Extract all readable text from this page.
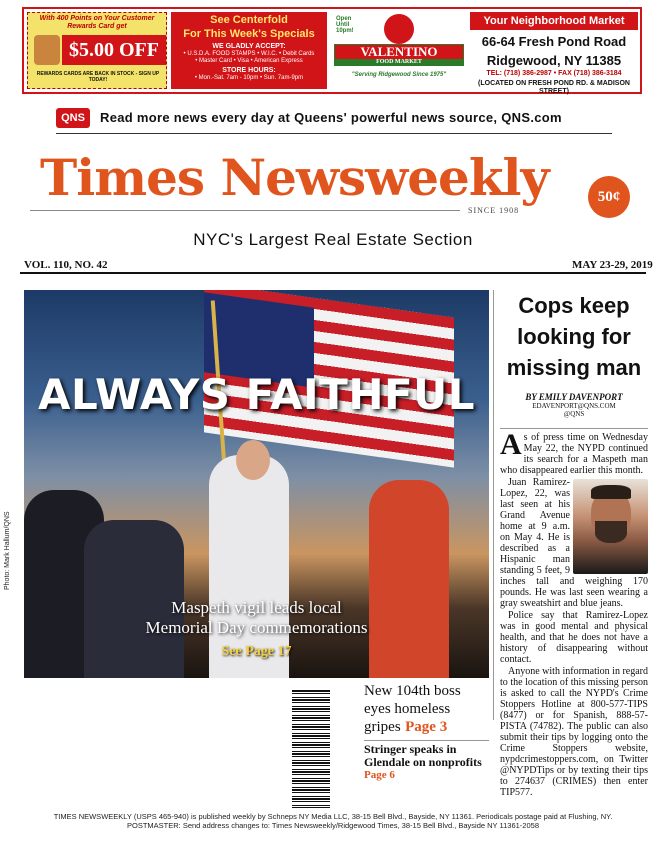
With 400 Points on Your Customer Rewards Card get
$5.00 OFF
REWARDS CARDS ARE BACK IN STOCK - SIGN UP TODAY!
See Centerfold
For This Week's Specials
WE GLADLY ACCEPT:
• U.S.D.A. FOOD STAMPS • W.I.C. • Debit Cards
• Master Card • Visa • American Express
STORE HOURS:
• Mon.-Sat. 7am - 10pm • Sun. 7am-9pm
Open Until 10pm!
VALENTINO
FOOD MARKET
"Serving Ridgewood Since 1975"
Your Neighborhood Market
66-64 Fresh Pond Road
Ridgewood, NY 11385
TEL: (718) 386-2987 • FAX (718) 386-3184
(LOCATED ON FRESH POND RD. & MADISON STREET)
QNS	Read more news every day at Queens' powerful news source, QNS.com
Times Newsweekly
SINCE 1908
50¢
NYC's Largest Real Estate Section
VOL. 110, NO. 42	MAY 23-29, 2019
ALWAYS FAITHFUL
Maspeth vigil leads local
Memorial Day commemorations
See Page 17
Photo: Mark Hallum/QNS
New 104th boss eyes homeless gripes Page 3
Stringer speaks in Glendale on nonprofits
Page 6
Cops keep looking for missing man
BY EMILY DAVENPORT
EDAVENPORT@QNS.COM
@QNS

As of press time on Wednesday May 22, the NYPD continued its search for a Maspeth man who disappeared earlier this month.

Juan Ramirez-Lopez, 22, was last seen at his Grand Avenue home at 9 a.m. on May 4. He is described as a Hispanic man standing 5 feet, 9 inches tall and weighing 170 pounds. He was last seen wearing a gray sweatshirt and blue jeans.

Police say that Ramirez-Lopez was in good mental and physical health, and that he does not have a history of disappearing without contact.

Anyone with information in regard to the location of this missing person is asked to call the NYPD's Crime Stoppers Hotline at 800-577-TIPS (8477) or for Spanish, 888-57-PISTA (74782). The public can also submit their tips by logging onto the Crime Stoppers website, nypdcrimestoppers.com, on Twitter @NYPDTips or by texting their tips to 274637 (CRIMES) then enter TIP577.

TIMES NEWSWEEKLY (USPS 465-940) is published weekly by Schneps NY Media LLC, 38-15 Bell Blvd., Bayside, NY 11361. Periodicals postage paid at Flushing, NY.
POSTMASTER: Send address changes to: Times Newsweekly/Ridgewood Times, 38-15 Bell Blvd., Bayside NY 11361-2058
